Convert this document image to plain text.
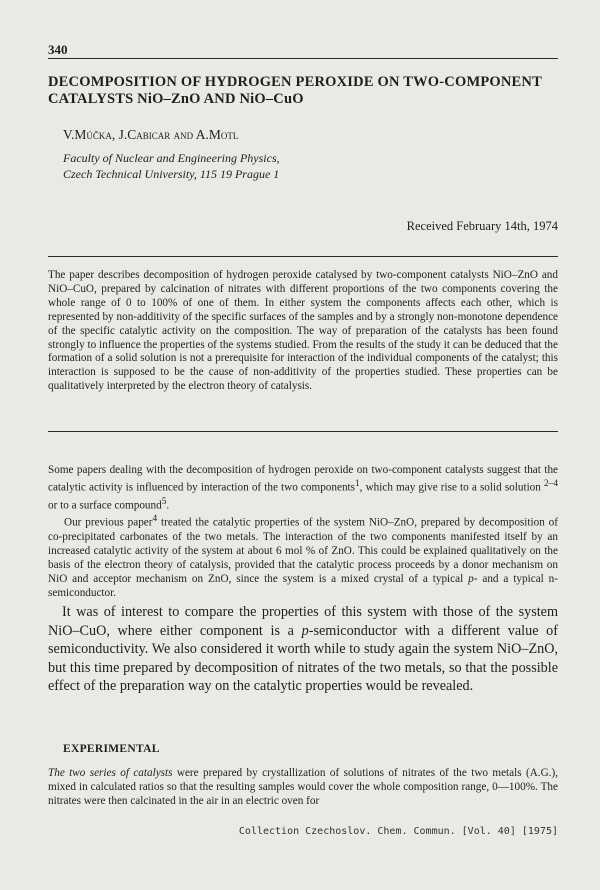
340
DECOMPOSITION OF HYDROGEN PEROXIDE ON TWO-COMPONENT CATALYSTS NiO–ZnO AND NiO–CuO
V.Múčka, J.Cabicar and A.Motl
Faculty of Nuclear and Engineering Physics,
Czech Technical University, 115 19 Prague 1
Received February 14th, 1974

The paper describes decomposition of hydrogen peroxide catalysed by two-component catalysts NiO–ZnO and NiO–CuO, prepared by calcination of nitrates with different proportions of the two components covering the whole range of 0 to 100% of one of them. In either system the components affects each other, which is represented by non-additivity of the specific surfaces of the samples and by a strongly non-monotone dependence of the specific catalytic activity on the composition. The way of preparation of the catalysts has been found strongly to influence the properties of the systems studied. From the results of the study it can be deduced that the formation of a solid solution is not a prerequisite for interaction of the individual components of the catalyst; this interaction is supposed to be the cause of non-additivity of the properties studied. These properties can be qualitatively interpreted by the electron theory of catalysis.

Some papers dealing with the decomposition of hydrogen peroxide on two-component catalysts suggest that the catalytic activity is influenced by interaction of the two components$^1$, which may give rise to a solid solution $^{2-4}$ or to a surface compound$^5$.

Our previous paper$^4$ treated the catalytic properties of the system NiO–ZnO, prepared by decomposition of co-precipitated carbonates of the two metals. The interaction of the two components manifested itself by an increased catalytic activity of the system at about 6 mol % of ZnO. This could be explained qualitatively on the basis of the electron theory of catalysis, provided that the catalytic process proceeds by a donor mechanism on NiO and acceptor mechanism on ZnO, since the system is a mixed crystal of a typical p- and a typical n- semiconductor.

It was of interest to compare the properties of this system with those of the system NiO–CuO, where either component is a p-semiconductor with a different value of semiconductivity. We also considered it worth while to study again the system NiO–ZnO, but this time prepared by decomposition of nitrates of the two metals, so that the possible effect of the preparation way on the catalytic properties would be revealed.

EXPERIMENTAL

The two series of catalysts were prepared by crystallization of solutions of nitrates of the two metals (A.G.), mixed in calculated ratios so that the resulting samples would cover the whole composition range, 0—100%. The nitrates were then calcinated in the air in an electric oven for

Collection Czechoslov. Chem. Commun. [Vol. 40] [1975]
